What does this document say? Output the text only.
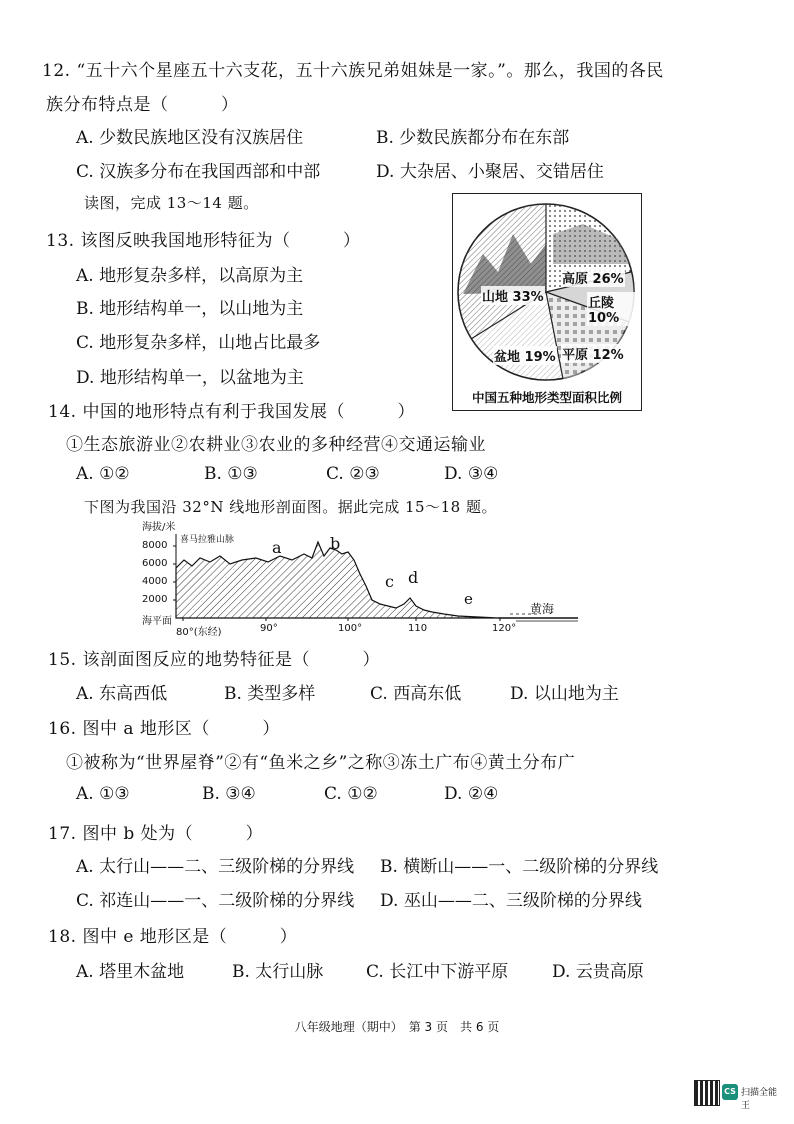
12. “五十六个星座五十六支花，五十六族兄弟姐妹是一家。”。那么，我国的各民
族分布特点是（　　　）
A. 少数民族地区没有汉族居住	B. 少数民族都分布在东部
C. 汉族多分布在我国西部和中部	D. 大杂居、小聚居、交错居住
读图，完成 13～14 题。
13. 该图反映我国地形特征为（　　　）
A. 地形复杂多样，以高原为主
B. 地形结构单一，以山地为主
C. 地形复杂多样，山地占比最多
D. 地形结构单一，以盆地为主
山地 33%
高原 26%
丘陵 10%
盆地 19% 平原 12%
中国五种地形类型面积比例
14. 中国的地形特点有利于我国发展（　　　）
①生态旅游业②农耕业③农业的多种经营④交通运输业
A. ①②	B. ①③	C. ②③	D. ③④
下图为我国沿 32°N 线地形剖面图。据此完成 15～18 题。
海拔/米
喜马拉雅山脉
8000
6000
4000
2000
海平面
80°(东经)	90°	100°	110	120°
黄海
a	b
c d
e
15. 该剖面图反应的地势特征是（　　　）
A. 东高西低	B. 类型多样	C. 西高东低	D. 以山地为主
16. 图中 a 地形区（　　　）
①被称为“世界屋脊”②有“鱼米之乡”之称③冻土广布④黄土分布广
A. ①③	B. ③④	C. ①②	D. ②④
17. 图中 b 处为（　　　）
A. 太行山——二、三级阶梯的分界线 B. 横断山——一、二级阶梯的分界线
C. 祁连山——一、二级阶梯的分界线 D. 巫山——二、三级阶梯的分界线
18. 图中 e 地形区是（　　　）
A. 塔里木盆地	B. 太行山脉	C. 长江中下游平原	D. 云贵高原
八年级地理（期中）　第 3 页　共 6 页
CS 扫描全能王
